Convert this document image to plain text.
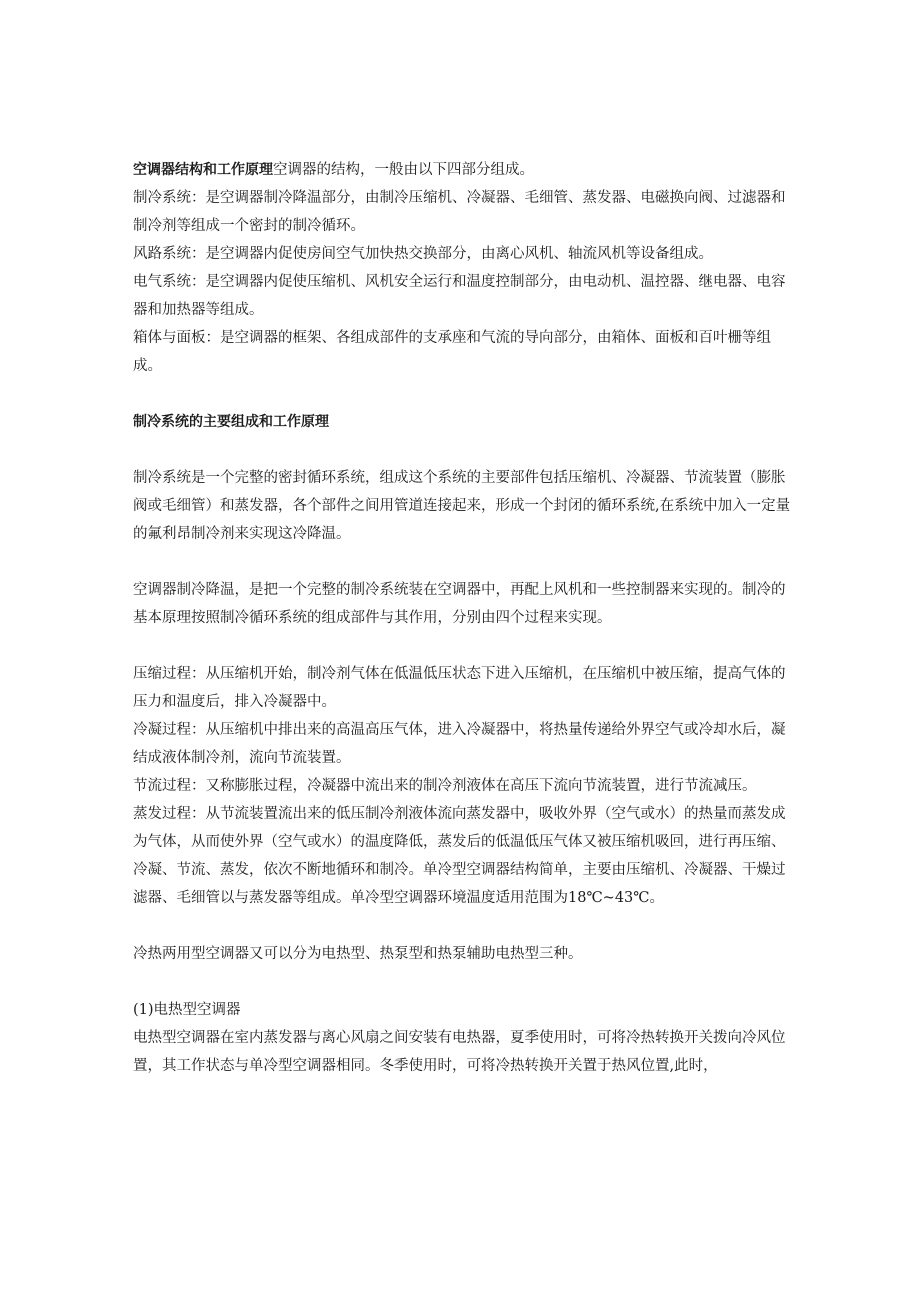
空调器结构和工作原理空调器的结构，一般由以下四部分组成。

制冷系统：是空调器制冷降温部分，由制冷压缩机、冷凝器、毛细管、蒸发器、电磁换向阀、过滤器和制冷剂等组成一个密封的制冷循环。

风路系统：是空调器内促使房间空气加快热交换部分，由离心风机、轴流风机等设备组成。

电气系统：是空调器内促使压缩机、风机安全运行和温度控制部分，由电动机、温控器、继电器、电容器和加热器等组成。

箱体与面板：是空调器的框架、各组成部件的支承座和气流的导向部分，由箱体、面板和百叶栅等组成。

制冷系统的主要组成和工作原理

制冷系统是一个完整的密封循环系统，组成这个系统的主要部件包括压缩机、冷凝器、节流装置（膨胀阀或毛细管）和蒸发器，各个部件之间用管道连接起来，形成一个封闭的循环系统,在系统中加入一定量的氟利昂制冷剂来实现这冷降温。

空调器制冷降温，是把一个完整的制冷系统装在空调器中，再配上风机和一些控制器来实现的。制冷的基本原理按照制冷循环系统的组成部件与其作用，分别由四个过程来实现。

压缩过程：从压缩机开始，制冷剂气体在低温低压状态下进入压缩机，在压缩机中被压缩，提高气体的压力和温度后，排入冷凝器中。

冷凝过程：从压缩机中排出来的高温高压气体，进入冷凝器中，将热量传递给外界空气或冷却水后，凝结成液体制冷剂，流向节流装置。

节流过程：又称膨胀过程，冷凝器中流出来的制冷剂液体在高压下流向节流装置，进行节流减压。

蒸发过程：从节流装置流出来的低压制冷剂液体流向蒸发器中，吸收外界（空气或水）的热量而蒸发成为气体，从而使外界（空气或水）的温度降低，蒸发后的低温低压气体又被压缩机吸回，进行再压缩、冷凝、节流、蒸发，依次不断地循环和制冷。单冷型空调器结构简单，主要由压缩机、冷凝器、干燥过滤器、毛细管以与蒸发器等组成。单冷型空调器环境温度适用范围为18℃~43℃。

冷热两用型空调器又可以分为电热型、热泵型和热泵辅助电热型三种。

(1)电热型空调器

电热型空调器在室内蒸发器与离心风扇之间安装有电热器，夏季使用时，可将冷热转换开关拨向冷风位置，其工作状态与单冷型空调器相同。冬季使用时，可将冷热转换开关置于热风位置,此时，
